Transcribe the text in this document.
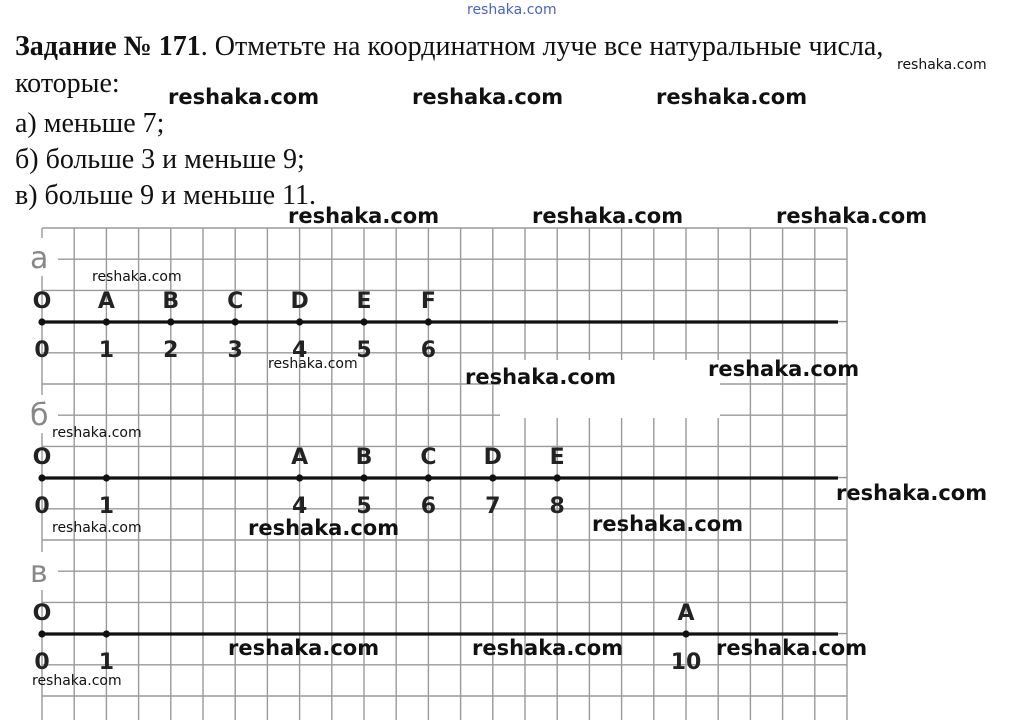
reshaka.com
Задание № 171. Отметьте на координатном луче все натуральные числа,
которые:
а) меньше 7;
б) больше 3 и меньше 9;
в) больше 9 и меньше 11.
а
O
0 1
A
2
B
3
C
4
D
5
E
6
F
б
O
0 1	4
A
5
B
6
C
7
D
8
E
в
O
0 1	10
A
reshaka.com
reshaka.com	reshaka.com	reshaka.com
reshaka.com	reshaka.com	reshaka.com
reshaka.com
reshaka.com
reshaka.com	reshaka.com
reshaka.com
reshaka.com
reshaka.com
reshaka.com	reshaka.com
reshaka.com	reshaka.com	reshaka.com
reshaka.com
